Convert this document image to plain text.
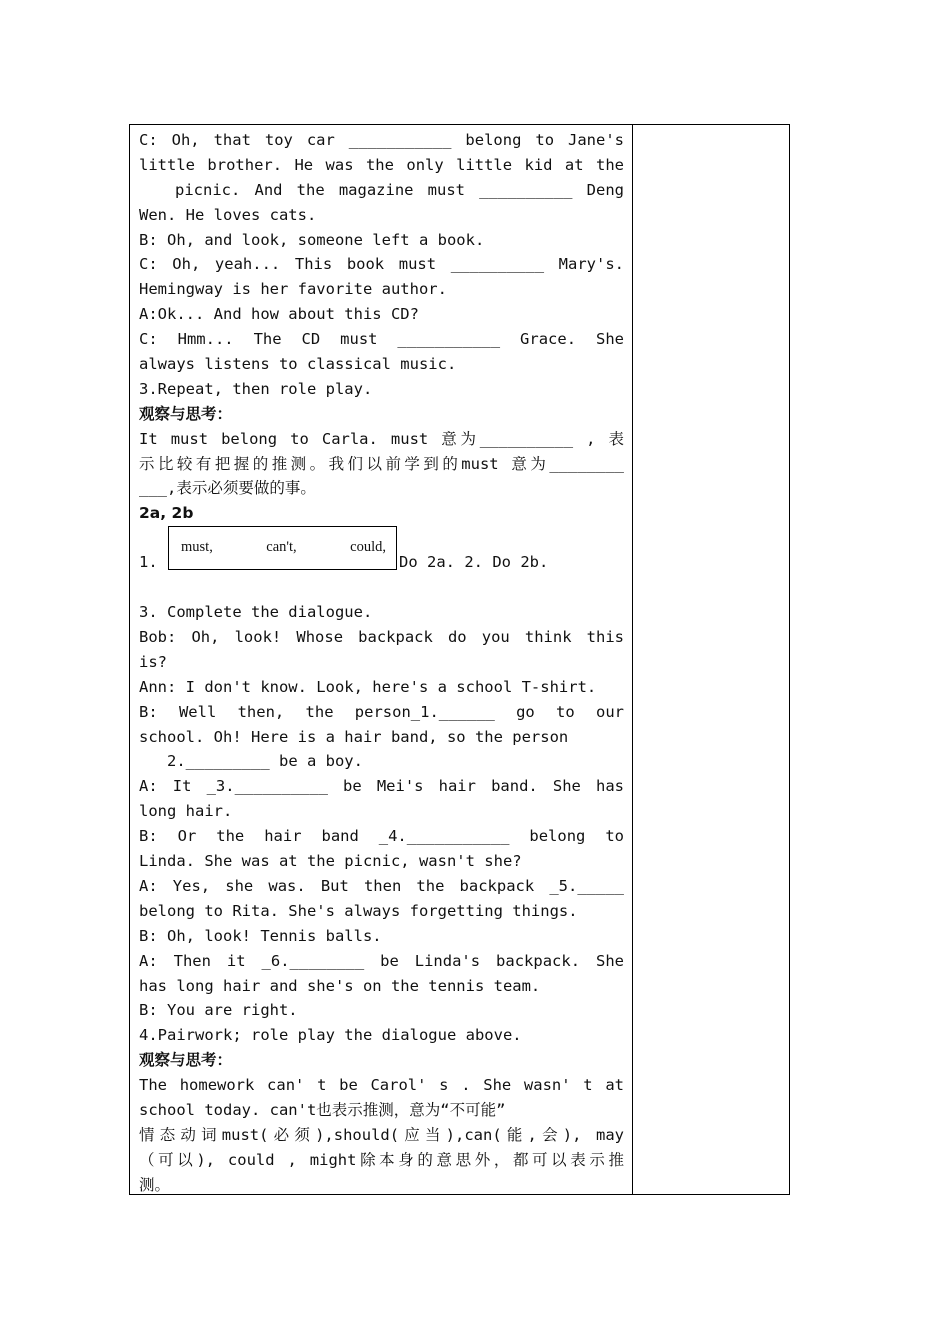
C: Oh, that toy car ___________ belong to Jane's
little brother. He was the only little kid at the
picnic. And the magazine must __________ Deng
Wen. He loves cats.
B: Oh, and look, someone left a book.
C: Oh, yeah... This book must __________ Mary's.
Hemingway is her favorite author.
A:Ok... And how about this CD?
C: Hmm... The CD must ___________ Grace. She
always listens to classical music.
3.Repeat, then role play.
观察与思考：
It must belong to Carla. must 意为__________ , 表
示比较有把握的推测。我们以前学到的must 意为________
___,表示必须要做的事。
2a, 2b
1.
must,	can't,	could,
Do 2a. 2. Do 2b.
3. Complete the dialogue.
Bob: Oh, look! Whose backpack do you think this
is?
Ann: I don't know. Look, here's a school T-shirt.
B: Well then, the person_1.______ go to our
school. Oh! Here is a hair band, so the person
2._________ be a boy.
A: It _3.__________ be Mei's hair band. She has
long hair.
B: Or the hair band _4.___________ belong to
Linda. She was at the picnic, wasn't she?
A: Yes, she was. But then the backpack _5._____
belong to Rita. She's always forgetting things.
B: Oh, look! Tennis balls.
A: Then it _6.________ be Linda's backpack. She
has long hair and she's on the tennis team.
B: You are right.
4.Pairwork; role play the dialogue above.
观察与思考：
The homework can' t be Carol' s . She wasn' t at
school today. can't也表示推测，意为“不可能”
情态动词must(必须),should(应当),can(能,会), may
（可以), could , might除本身的意思外，都可以表示推
测。
